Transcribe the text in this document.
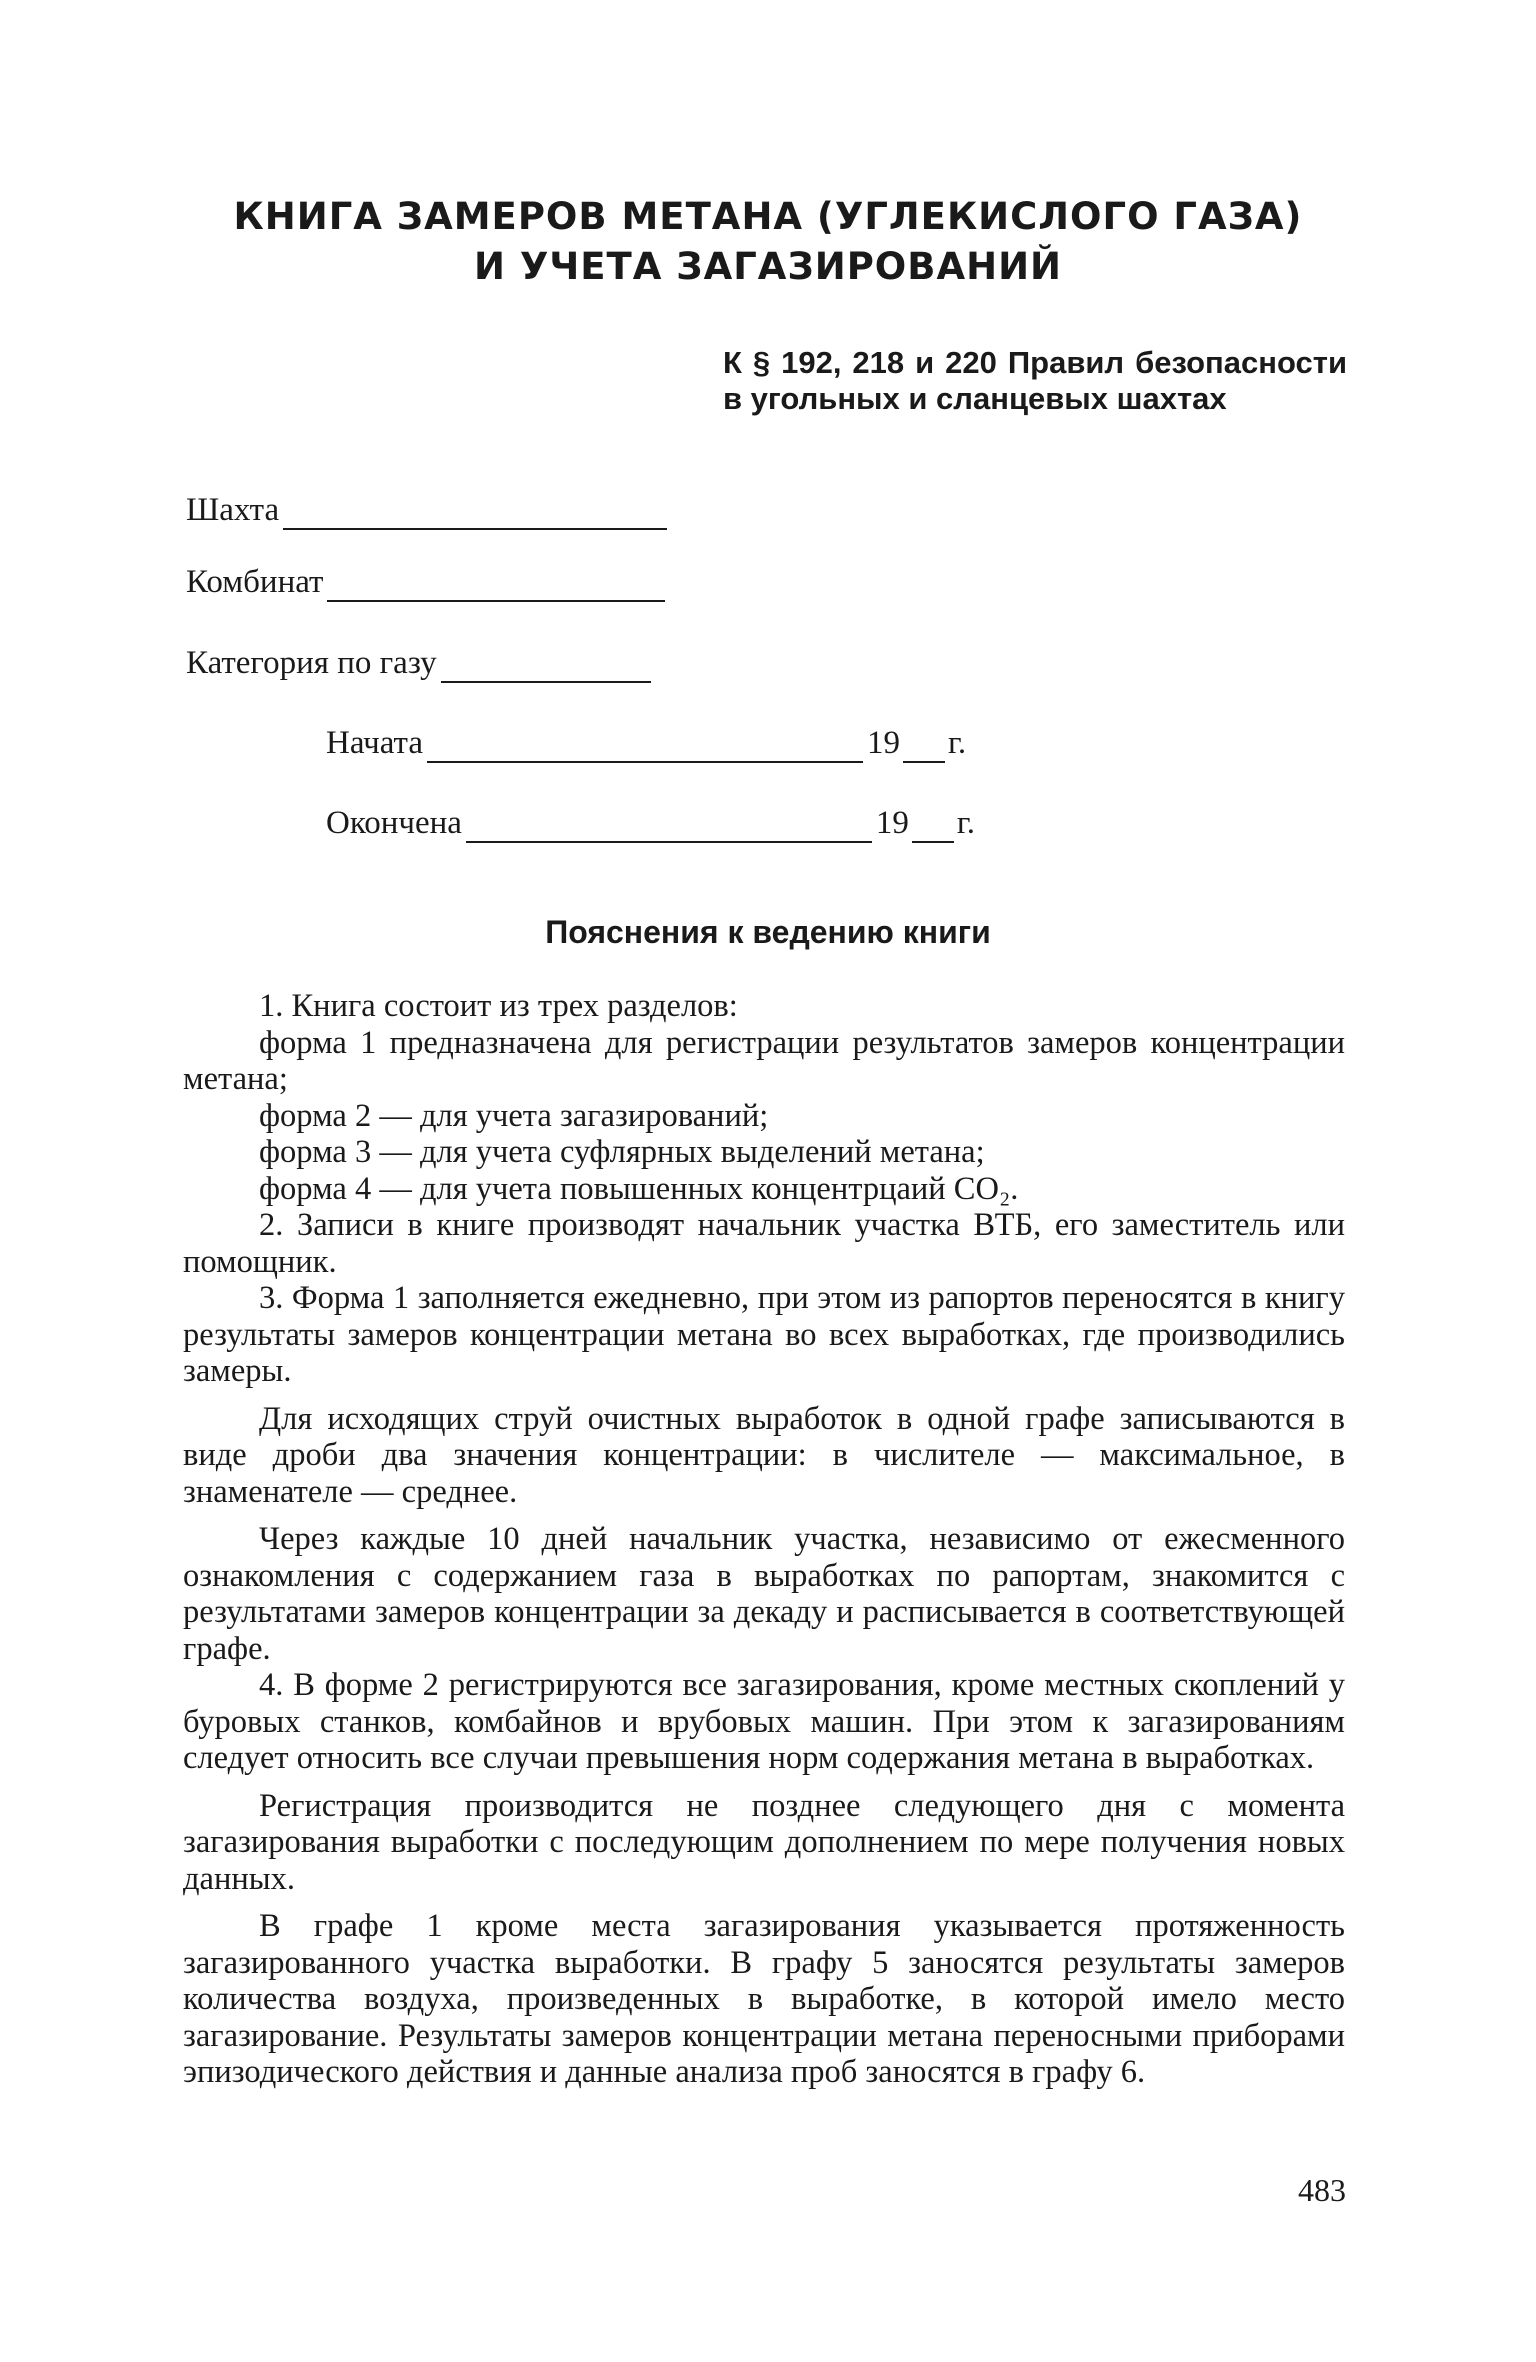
КНИГА ЗАМЕРОВ МЕТАНА (УГЛЕКИСЛОГО ГАЗА)
И УЧЕТА ЗАГАЗИРОВАНИЙ
К § 192, 218 и 220 Правил безопасности в угольных и сланцевых шахтах
Шахта
Комбинат
Категория по газу
Начата	19 г.
Окончена	19 г.
Пояснения к ведению книги

1. Книга состоит из трех разделов:

форма 1 предназначена для регистрации результатов замеров концентрации метана;

форма 2 — для учета загазирований;

форма 3 — для учета суфлярных выделений метана;

форма 4 — для учета повышенных концентрцаий CO₂.

2. Записи в книге производят начальник участка ВТБ, его заместитель или помощник.

3. Форма 1 заполняется ежедневно, при этом из рапортов переносятся в книгу результаты замеров концентрации метана во всех выработках, где производились замеры.

Для исходящих струй очистных выработок в одной графе записываются в виде дроби два значения концентрации: в числителе — максимальное, в знаменателе — среднее.

Через каждые 10 дней начальник участка, независимо от ежесменного ознакомления с содержанием газа в выработках по рапортам, знакомится с результатами замеров концентрации за декаду и расписывается в соответствующей графе.

4. В форме 2 регистрируются все загазирования, кроме местных скоплений у буровых станков, комбайнов и врубовых машин. При этом к загазированиям следует относить все случаи превышения норм содержания метана в выработках.

Регистрация производится не позднее следующего дня с момента загазирования выработки с последующим дополнением по мере получения новых данных.

В графе 1 кроме места загазирования указывается протяженность загазированного участка выработки. В графу 5 заносятся результаты замеров количества воздуха, произведенных в выработке, в которой имело место загазирование. Результаты замеров концентрации метана переносными приборами эпизодического действия и данные анализа проб заносятся в графу 6.

483
